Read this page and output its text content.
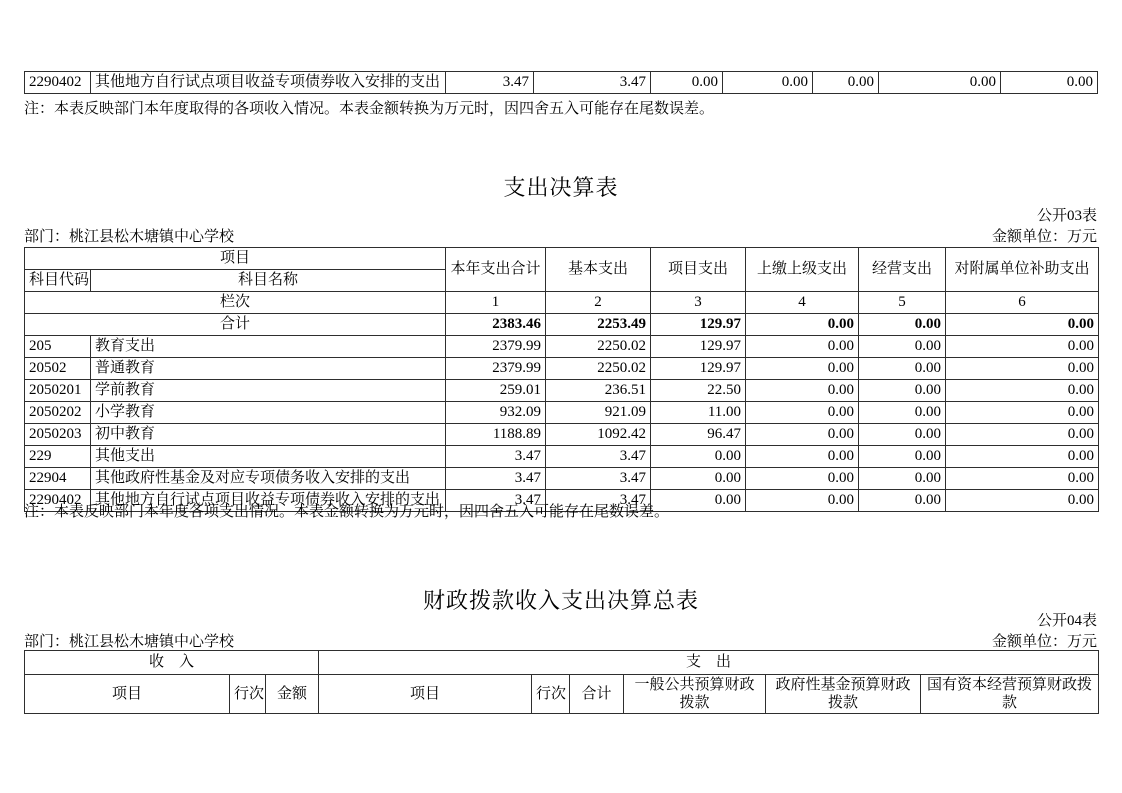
2290402	其他地方自行试点项目收益专项债券收入安排的支出	3.47	3.47	0.00	0.00	0.00	0.00	0.00
注：本表反映部门本年度取得的各项收入情况。本表金额转换为万元时，因四舍五入可能存在尾数误差。
支出决算表
公开03表
部门：桃江县松木塘镇中心学校	金额单位：万元
项目		本年支出合计	基本支出	项目支出	上缴上级支出	经营支出	对附属单位补助支出
科目代码	科目名称						
栏次		1	2	3	4	5	6
合计		2383.46	2253.49	129.97	0.00	0.00	0.00
205	教育支出	2379.99	2250.02	129.97	0.00	0.00	0.00
20502	普通教育	2379.99	2250.02	129.97	0.00	0.00	0.00
2050201	学前教育	259.01	236.51	22.50	0.00	0.00	0.00
2050202	小学教育	932.09	921.09	11.00	0.00	0.00	0.00
2050203	初中教育	1188.89	1092.42	96.47	0.00	0.00	0.00
229	其他支出	3.47	3.47	0.00	0.00	0.00	0.00
22904	其他政府性基金及对应专项债务收入安排的支出	3.47	3.47	0.00	0.00	0.00	0.00
2290402	其他地方自行试点项目收益专项债券收入安排的支出	3.47	3.47	0.00	0.00	0.00	0.00
注：本表反映部门本年度各项支出情况。本表金额转换为万元时，因四舍五入可能存在尾数误差。
财政拨款收入支出决算总表
公开04表
部门：桃江县松木塘镇中心学校	金额单位：万元
收　入			支　出					
项目	行次	金额	项目	行次	合计	一般公共预算财政拨款	政府性基金预算财政拨款	国有资本经营预算财政拨款
